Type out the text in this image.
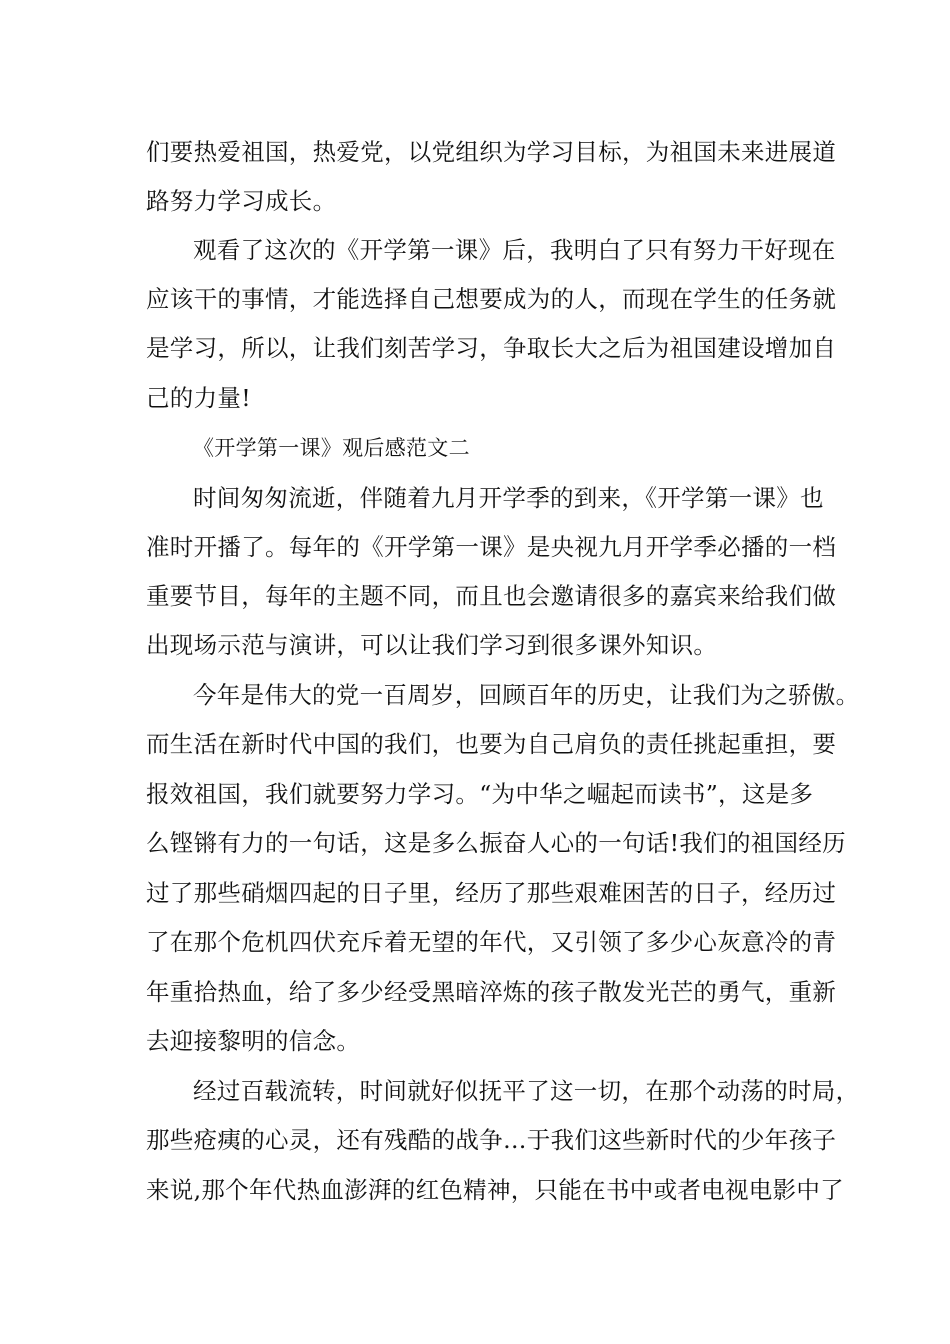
们要热爱祖国，热爱党，以党组织为学习目标，为祖国未来进展道
路努力学习成长。
观看了这次的《开学第一课》后，我明白了只有努力干好现在
应该干的事情，才能选择自己想要成为的人，而现在学生的任务就
是学习，所以，让我们刻苦学习，争取长大之后为祖国建设增加自
己的力量!
《开学第一课》观后感范文二
时间匆匆流逝，伴随着九月开学季的到来，《开学第一课》也
准时开播了。每年的《开学第一课》是央视九月开学季必播的一档
重要节目，每年的主题不同，而且也会邀请很多的嘉宾来给我们做
出现场示范与演讲，可以让我们学习到很多课外知识。
今年是伟大的党一百周岁，回顾百年的历史，让我们为之骄傲。
而生活在新时代中国的我们，也要为自己肩负的责任挑起重担，要
报效祖国，我们就要努力学习。“为中华之崛起而读书”，这是多
么铿锵有力的一句话，这是多么振奋人心的一句话!我们的祖国经历
过了那些硝烟四起的日子里，经历了那些艰难困苦的日子，经历过
了在那个危机四伏充斥着无望的年代，又引领了多少心灰意冷的青
年重拾热血，给了多少经受黑暗淬炼的孩子散发光芒的勇气，重新
去迎接黎明的信念。
经过百载流转，时间就好似抚平了这一切，在那个动荡的时局，
那些疮痍的心灵，还有残酷的战争…于我们这些新时代的少年孩子
来说,那个年代热血澎湃的红色精神，只能在书中或者电视电影中了
